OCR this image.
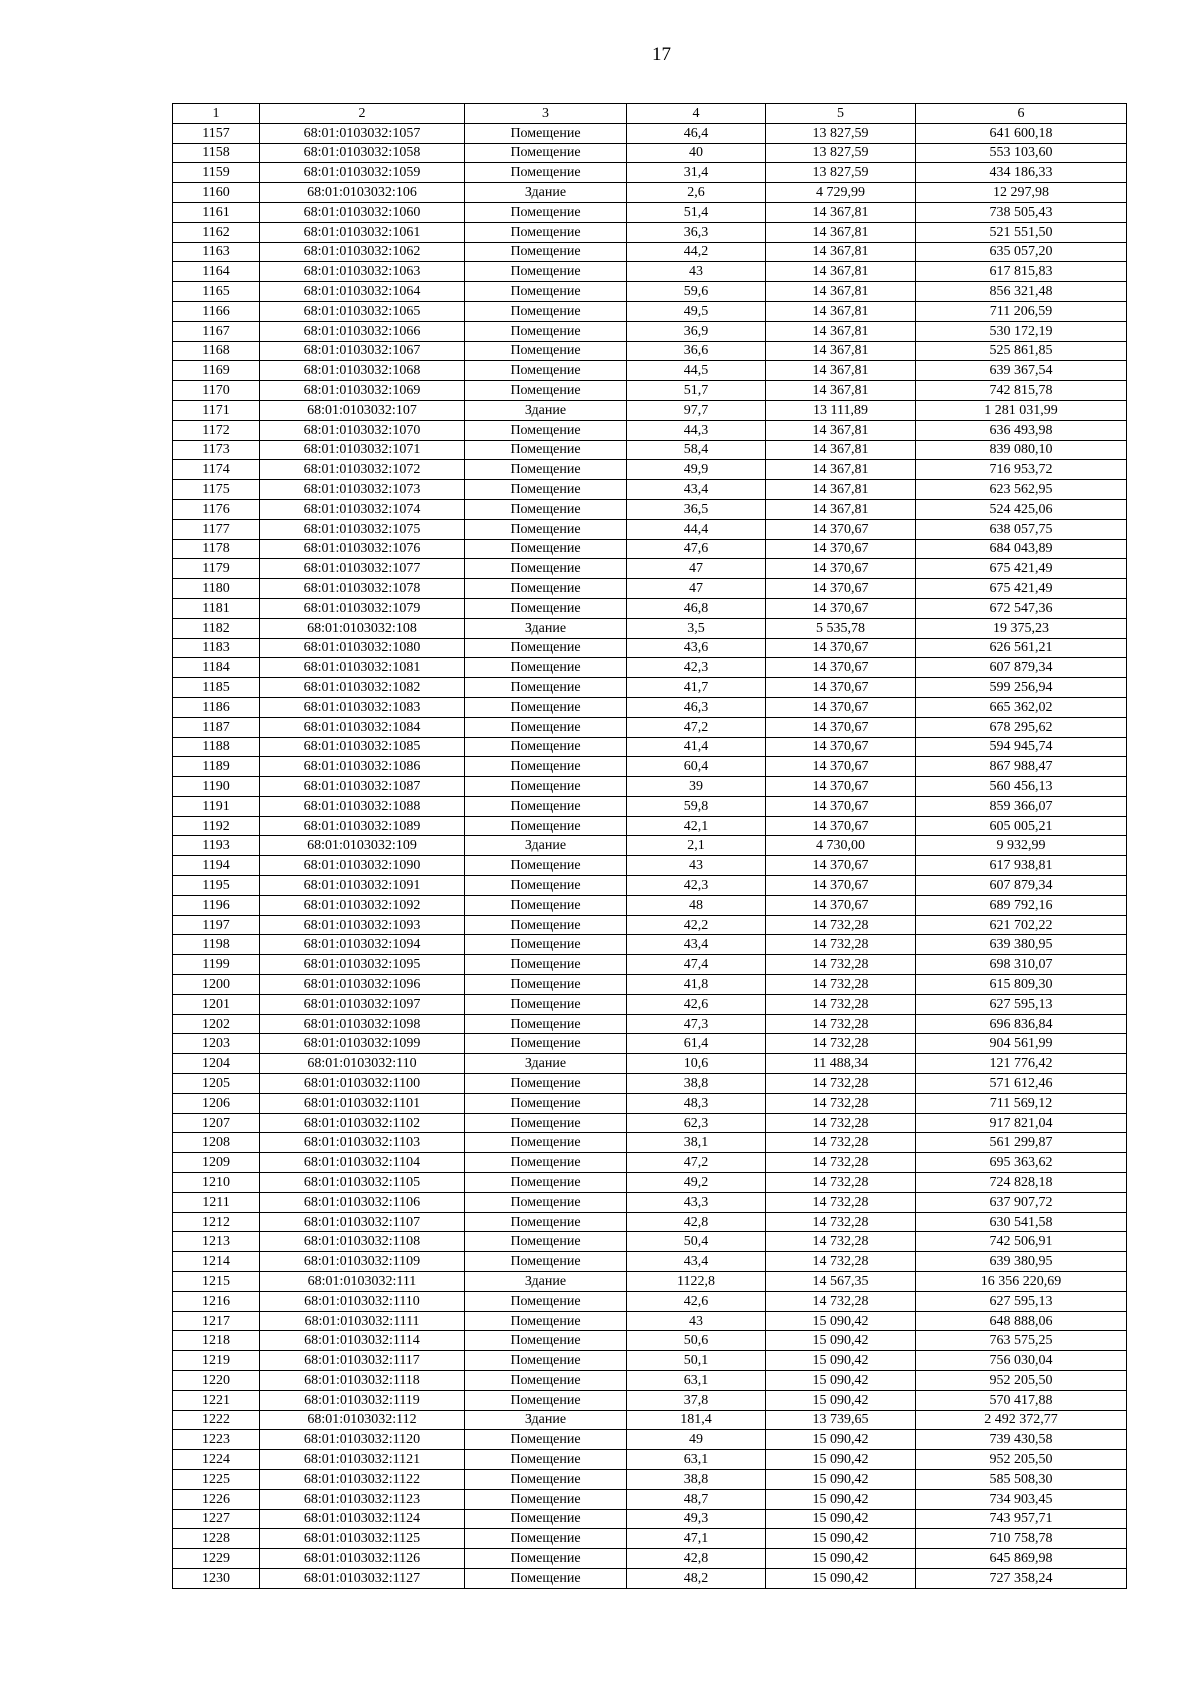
17
1	2	3	4	5	6
1157	68:01:0103032:1057	Помещение	46,4	13 827,59	641 600,18
1158	68:01:0103032:1058	Помещение	40	13 827,59	553 103,60
1159	68:01:0103032:1059	Помещение	31,4	13 827,59	434 186,33
1160	68:01:0103032:106	Здание	2,6	4 729,99	12 297,98
1161	68:01:0103032:1060	Помещение	51,4	14 367,81	738 505,43
1162	68:01:0103032:1061	Помещение	36,3	14 367,81	521 551,50
1163	68:01:0103032:1062	Помещение	44,2	14 367,81	635 057,20
1164	68:01:0103032:1063	Помещение	43	14 367,81	617 815,83
1165	68:01:0103032:1064	Помещение	59,6	14 367,81	856 321,48
1166	68:01:0103032:1065	Помещение	49,5	14 367,81	711 206,59
1167	68:01:0103032:1066	Помещение	36,9	14 367,81	530 172,19
1168	68:01:0103032:1067	Помещение	36,6	14 367,81	525 861,85
1169	68:01:0103032:1068	Помещение	44,5	14 367,81	639 367,54
1170	68:01:0103032:1069	Помещение	51,7	14 367,81	742 815,78
1171	68:01:0103032:107	Здание	97,7	13 111,89	1 281 031,99
1172	68:01:0103032:1070	Помещение	44,3	14 367,81	636 493,98
1173	68:01:0103032:1071	Помещение	58,4	14 367,81	839 080,10
1174	68:01:0103032:1072	Помещение	49,9	14 367,81	716 953,72
1175	68:01:0103032:1073	Помещение	43,4	14 367,81	623 562,95
1176	68:01:0103032:1074	Помещение	36,5	14 367,81	524 425,06
1177	68:01:0103032:1075	Помещение	44,4	14 370,67	638 057,75
1178	68:01:0103032:1076	Помещение	47,6	14 370,67	684 043,89
1179	68:01:0103032:1077	Помещение	47	14 370,67	675 421,49
1180	68:01:0103032:1078	Помещение	47	14 370,67	675 421,49
1181	68:01:0103032:1079	Помещение	46,8	14 370,67	672 547,36
1182	68:01:0103032:108	Здание	3,5	5 535,78	19 375,23
1183	68:01:0103032:1080	Помещение	43,6	14 370,67	626 561,21
1184	68:01:0103032:1081	Помещение	42,3	14 370,67	607 879,34
1185	68:01:0103032:1082	Помещение	41,7	14 370,67	599 256,94
1186	68:01:0103032:1083	Помещение	46,3	14 370,67	665 362,02
1187	68:01:0103032:1084	Помещение	47,2	14 370,67	678 295,62
1188	68:01:0103032:1085	Помещение	41,4	14 370,67	594 945,74
1189	68:01:0103032:1086	Помещение	60,4	14 370,67	867 988,47
1190	68:01:0103032:1087	Помещение	39	14 370,67	560 456,13
1191	68:01:0103032:1088	Помещение	59,8	14 370,67	859 366,07
1192	68:01:0103032:1089	Помещение	42,1	14 370,67	605 005,21
1193	68:01:0103032:109	Здание	2,1	4 730,00	9 932,99
1194	68:01:0103032:1090	Помещение	43	14 370,67	617 938,81
1195	68:01:0103032:1091	Помещение	42,3	14 370,67	607 879,34
1196	68:01:0103032:1092	Помещение	48	14 370,67	689 792,16
1197	68:01:0103032:1093	Помещение	42,2	14 732,28	621 702,22
1198	68:01:0103032:1094	Помещение	43,4	14 732,28	639 380,95
1199	68:01:0103032:1095	Помещение	47,4	14 732,28	698 310,07
1200	68:01:0103032:1096	Помещение	41,8	14 732,28	615 809,30
1201	68:01:0103032:1097	Помещение	42,6	14 732,28	627 595,13
1202	68:01:0103032:1098	Помещение	47,3	14 732,28	696 836,84
1203	68:01:0103032:1099	Помещение	61,4	14 732,28	904 561,99
1204	68:01:0103032:110	Здание	10,6	11 488,34	121 776,42
1205	68:01:0103032:1100	Помещение	38,8	14 732,28	571 612,46
1206	68:01:0103032:1101	Помещение	48,3	14 732,28	711 569,12
1207	68:01:0103032:1102	Помещение	62,3	14 732,28	917 821,04
1208	68:01:0103032:1103	Помещение	38,1	14 732,28	561 299,87
1209	68:01:0103032:1104	Помещение	47,2	14 732,28	695 363,62
1210	68:01:0103032:1105	Помещение	49,2	14 732,28	724 828,18
1211	68:01:0103032:1106	Помещение	43,3	14 732,28	637 907,72
1212	68:01:0103032:1107	Помещение	42,8	14 732,28	630 541,58
1213	68:01:0103032:1108	Помещение	50,4	14 732,28	742 506,91
1214	68:01:0103032:1109	Помещение	43,4	14 732,28	639 380,95
1215	68:01:0103032:111	Здание	1122,8	14 567,35	16 356 220,69
1216	68:01:0103032:1110	Помещение	42,6	14 732,28	627 595,13
1217	68:01:0103032:1111	Помещение	43	15 090,42	648 888,06
1218	68:01:0103032:1114	Помещение	50,6	15 090,42	763 575,25
1219	68:01:0103032:1117	Помещение	50,1	15 090,42	756 030,04
1220	68:01:0103032:1118	Помещение	63,1	15 090,42	952 205,50
1221	68:01:0103032:1119	Помещение	37,8	15 090,42	570 417,88
1222	68:01:0103032:112	Здание	181,4	13 739,65	2 492 372,77
1223	68:01:0103032:1120	Помещение	49	15 090,42	739 430,58
1224	68:01:0103032:1121	Помещение	63,1	15 090,42	952 205,50
1225	68:01:0103032:1122	Помещение	38,8	15 090,42	585 508,30
1226	68:01:0103032:1123	Помещение	48,7	15 090,42	734 903,45
1227	68:01:0103032:1124	Помещение	49,3	15 090,42	743 957,71
1228	68:01:0103032:1125	Помещение	47,1	15 090,42	710 758,78
1229	68:01:0103032:1126	Помещение	42,8	15 090,42	645 869,98
1230	68:01:0103032:1127	Помещение	48,2	15 090,42	727 358,24
